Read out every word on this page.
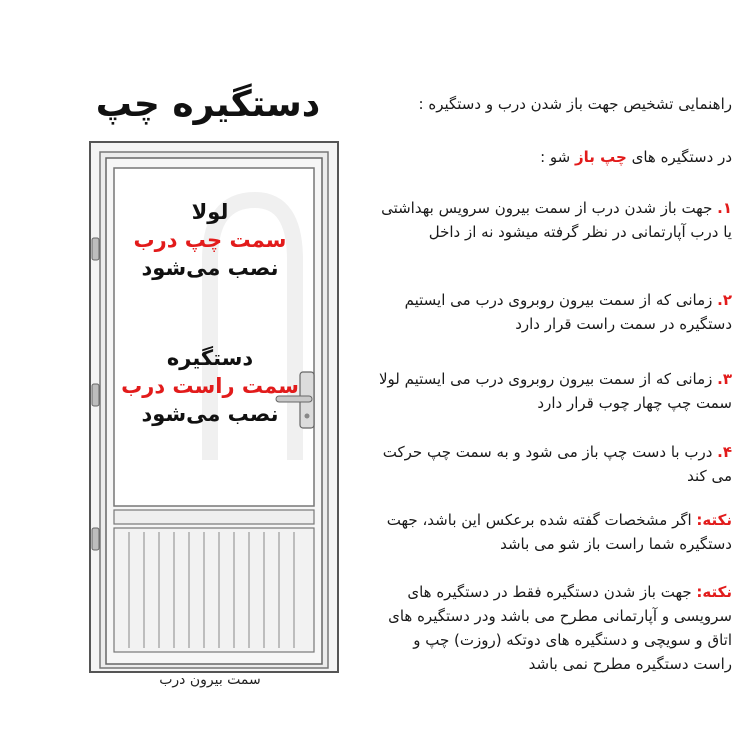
دستگیره چپ
لولا
سمت چپ درب
نصب می‌شود
دستگیره
سمت راست درب
نصب می‌شود
سمت بیرون درب
راهنمایی تشخیص جهت باز شدن درب و دستگیره :
در دستگیره های چپ باز شو :
۱. جهت باز شدن درب از سمت بیرون سرویس بهداشتی یا درب آپارتمانی در نظر گرفته میشود نه از داخل
۲. زمانی که از سمت بیرون روبروی درب می ایستیم دستگیره در سمت راست قرار دارد
۳. زمانی که از سمت بیرون روبروی درب می ایستیم لولا سمت چپ چهار چوب قرار دارد
۴. درب با دست چپ باز می شود و به سمت چپ حرکت می کند
نکته: اگر مشخصات گفته شده برعکس این باشد، جهت دستگیره شما راست باز شو می باشد
نکته: جهت باز شدن دستگیره فقط در دستگیره های سرویسی و آپارتمانی مطرح می باشد ودر دستگیره های اتاق و سویچی و دستگیره های دوتکه (روزت) چپ و راست دستگیره مطرح نمی باشد
